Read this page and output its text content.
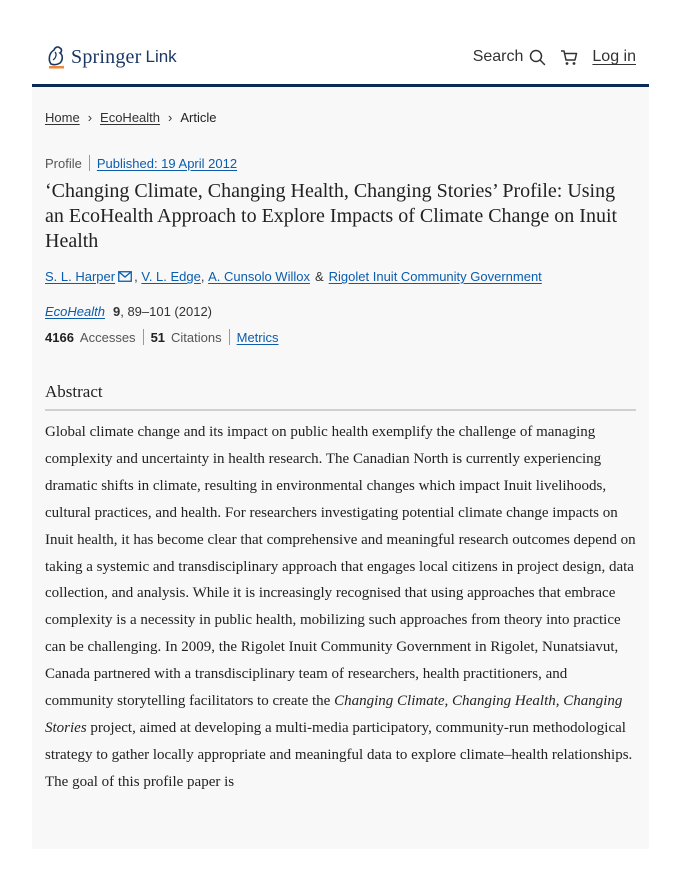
Springer Link	Search	Log in
Home › EcoHealth › Article
Profile Published: 19 April 2012
‘Changing Climate, Changing Health, Changing Stories’ Profile: Using an EcoHealth Approach to Explore Impacts of Climate Change on Inuit Health
S. L. Harper ,
V. L. Edge ,
A. Cunsolo Willox & Rigolet Inuit Community Government
EcoHealth 9, 89–101 (2012)
4166 Accesses 51 Citations Metrics
Abstract

Global climate change and its impact on public health exemplify the challenge of managing complexity and uncertainty in health research. The Canadian North is currently experiencing dramatic shifts in climate, resulting in environmental changes which impact Inuit livelihoods, cultural practices, and health. For researchers investigating potential climate change impacts on Inuit health, it has become clear that comprehensive and meaningful research outcomes depend on taking a systemic and transdisciplinary approach that engages local citizens in project design, data collection, and analysis. While it is increasingly recognised that using approaches that embrace complexity is a necessity in public health, mobilizing such approaches from theory into practice can be challenging. In 2009, the Rigolet Inuit Community Government in Rigolet, Nunatsiavut, Canada partnered with a transdisciplinary team of researchers, health practitioners, and community storytelling facilitators to create the Changing Climate, Changing Health, Changing Stories project, aimed at developing a multi-media participatory, community-run methodological strategy to gather locally appropriate and meaningful data to explore climate–health relationships. The goal of this profile paper is
